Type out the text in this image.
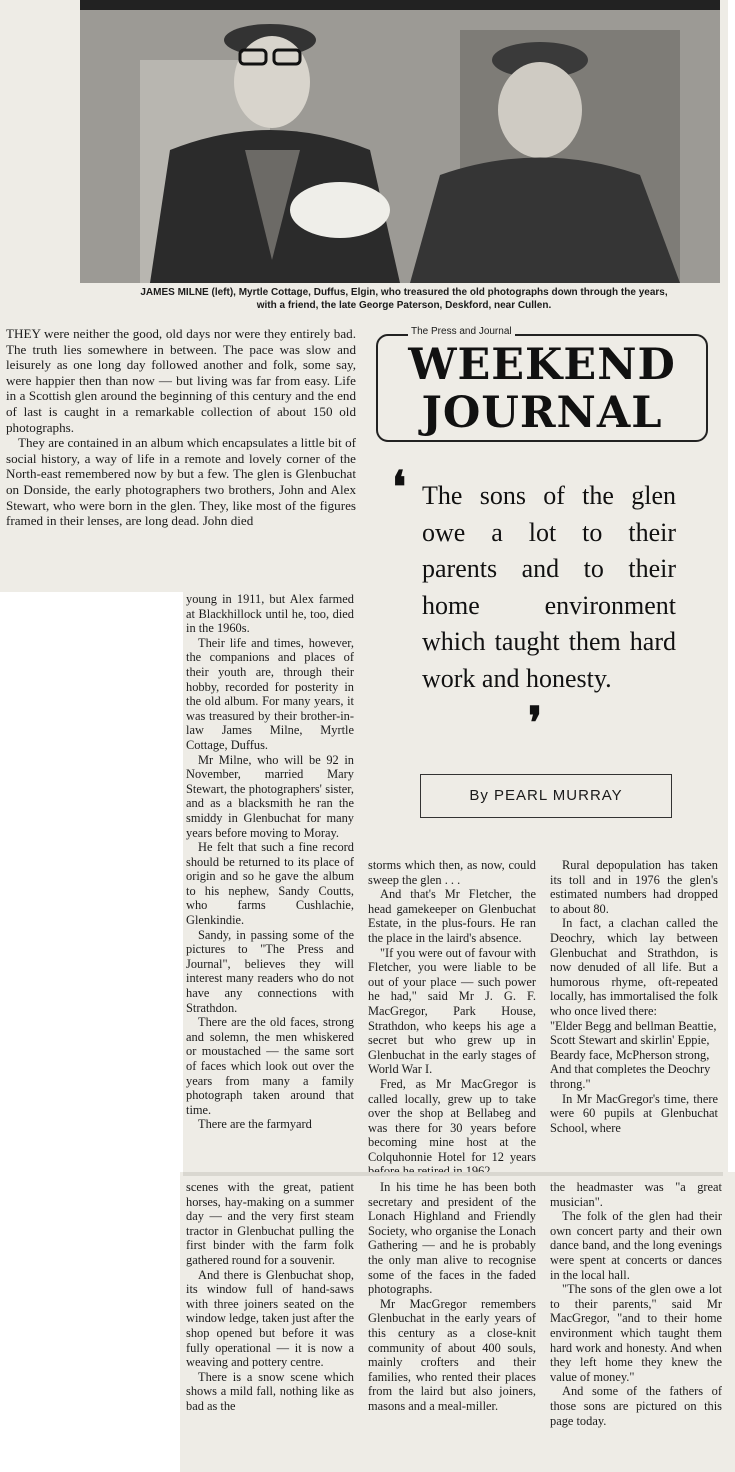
JAMES MILNE (left), Myrtle Cottage, Duffus, Elgin, who treasured the old photographs down through the years,
with a friend, the late George Paterson, Deskford, near Cullen.

WEEKEND
JOURNAL
The Press and Journal
❛ The sons of the glen owe a lot to their parents and to their home environment which taught them hard work and honesty.

❜
By PEARL MURRAY

THEY were neither the good, old days nor were they entirely bad. The truth lies somewhere in between. The pace was slow and leisurely as one long day followed another and folk, some say, were happier then than now — but living was far from easy. Life in a Scottish glen around the beginning of this century and the end of last is caught in a remarkable collection of about 150 old photographs.

They are contained in an album which encapsulates a little bit of social history, a way of life in a remote and lovely corner of the North-east remembered now by but a few. The glen is Glenbuchat on Donside, the early photographers two brothers, John and Alex Stewart, who were born in the glen. They, like most of the figures framed in their lenses, are long dead. John died

young in 1911, but Alex farmed at Blackhillock until he, too, died in the 1960s.

Their life and times, however, the companions and places of their youth are, through their hobby, recorded for posterity in the old album. For many years, it was treasured by their brother-in-law James Milne, Myrtle Cottage, Duffus.

Mr Milne, who will be 92 in November, married Mary Stewart, the photographers' sister, and as a blacksmith he ran the smiddy in Glenbuchat for many years before moving to Moray.

He felt that such a fine record should be returned to its place of origin and so he gave the album to his nephew, Sandy Coutts, who farms Cushlachie, Glenkindie.

Sandy, in passing some of the pictures to "The Press and Journal", believes they will interest many readers who do not have any connections with Strathdon.

There are the old faces, strong and solemn, the men whiskered or moustached — the same sort of faces which look out over the years from many a family photograph taken around that time.

There are the farmyard

storms which then, as now, could sweep the glen . . .

And that's Mr Fletcher, the head gamekeeper on Glenbuchat Estate, in the plus-fours. He ran the place in the laird's absence.

"If you were out of favour with Fletcher, you were liable to be out of your place — such power he had," said Mr J. G. F. MacGregor, Park House, Strathdon, who keeps his age a secret but who grew up in Glenbuchat in the early stages of World War I.

Fred, as Mr MacGregor is called locally, grew up to take over the shop at Bellabeg and was there for 30 years before becoming mine host at the Colquhonnie Hotel for 12 years

Rural depopulation has taken its toll and in 1976 the glen's estimated numbers had dropped to about 80.

In fact, a clachan called the Deochry, which lay between Glenbuchat and Strathdon, is now denuded of all life. But a humorous rhyme, oft-repeated locally, has immortalised the folk who once lived there:

"Elder Begg and bellman Beattie,
Scott Stewart and skirlin' Eppie,
Beardy face, McPherson strong,
And that completes the Deochry throng."

In Mr MacGregor's time, there were 60 pupils at Glenbuchat School, where

scenes with the great, patient horses, hay-making on a summer day — and the very first steam tractor in Glenbuchat pulling the first binder with the farm folk gathered round for a souvenir.

And there is Glenbuchat shop, its window full of hand-saws with three joiners seated on the window ledge, taken just after the shop opened but before it was fully operational — it is now a weaving and pottery centre.

There is a snow scene which shows a mild fall, nothing like as bad as the

In his time he has been both secretary and president of the Lonach Highland and Friendly Society, who organise the Lonach Gathering — and he is probably the only man alive to recognise some of the faces in the faded photographs.

Mr MacGregor remembers Glenbuchat in the early years of this century as a close-knit community of about 400 souls, mainly crofters and their families, who rented their places from the laird but also joiners, masons and a meal-miller.

the headmaster was "a great musician".

The folk of the glen had their own concert party and their own dance band, and the long evenings were spent at concerts or dances in the local hall.

"The sons of the glen owe a lot to their parents," said Mr MacGregor, "and to their home environment which taught them hard work and honesty. And when they left home they knew the value of money."

And some of the fathers of those sons are pictured on this page today.
